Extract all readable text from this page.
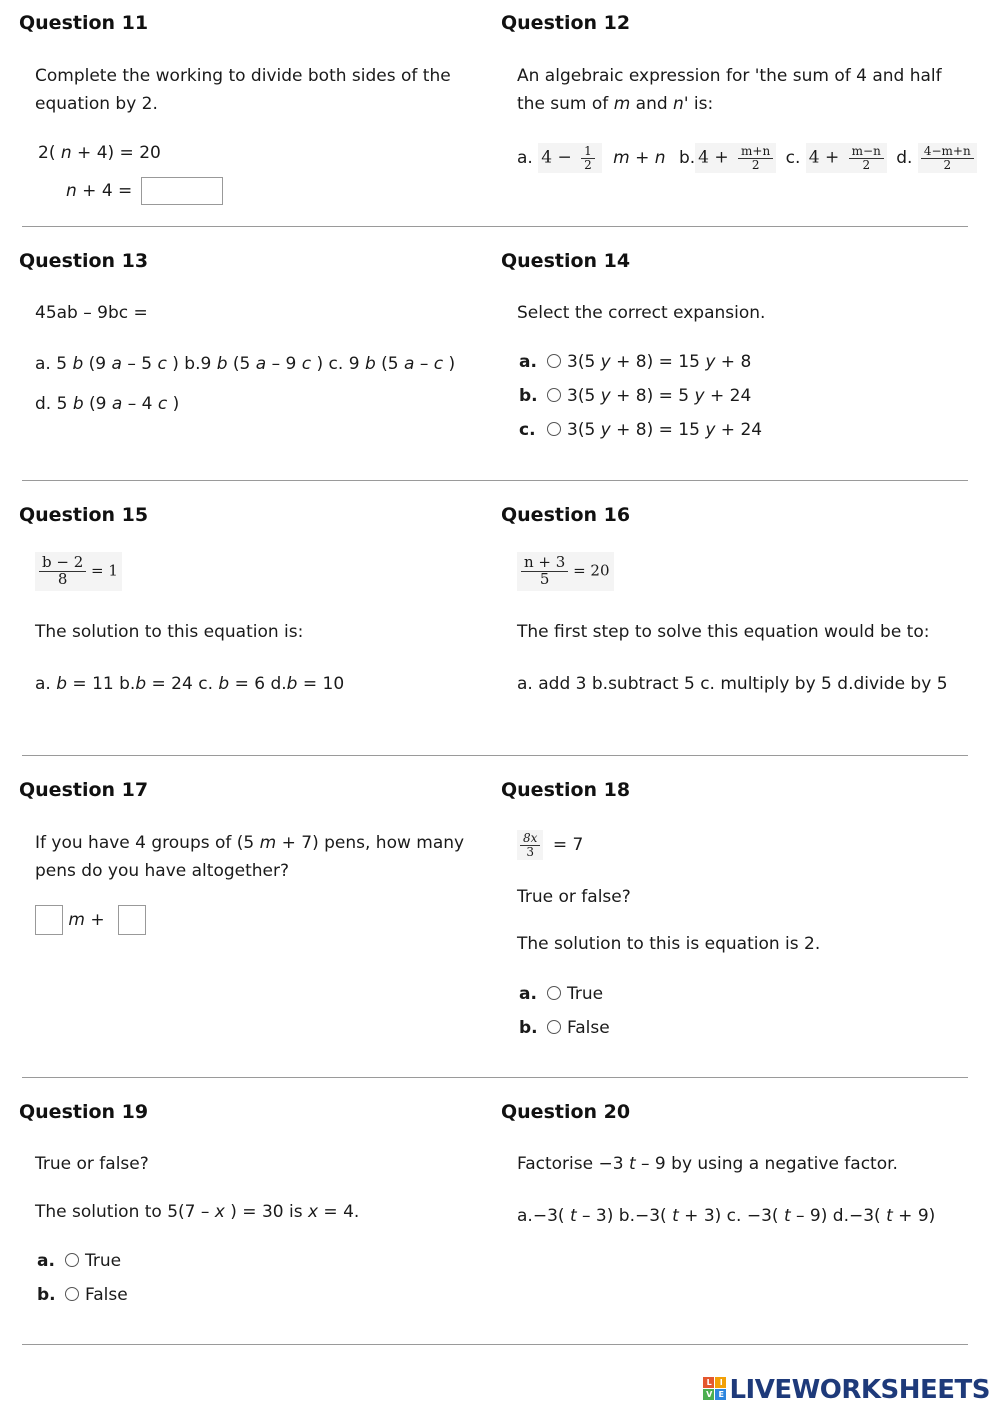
Question 11
Complete the working to divide both sides of the equation by 2.
2( n + 4) = 20
n + 4 =
Question 12
An algebraic expression for 'the sum of 4 and half the sum of m and n' is:
a. $4 - \frac{1}{2}$ m + n b. $4 + \frac{m+n}{2} c$. $4 + \frac{m-n}{2} d$. $\frac{4-m+n}{2}$
Question 13
45ab – 9bc =
a. 5 b (9 a – 5 c ) b.9 b (5 a – 9 c ) c. 9 b (5 a – c )
d. 5 b (9 a – 4 c )
Question 14
Select the correct expansion.
a. 3(5 y + 8) = 15 y + 8
b. 3(5 y + 8) = 5 y + 24
c. 3(5 y + 8) = 15 y + 24
Question 15
$\frac{b - 2}{8} = 1$
The solution to this equation is:
a. b = 11 b.b = 24 c. b = 6 d.b = 10
Question 16
$\frac{n + 3}{5} = 20$
The first step to solve this equation would be to:
a. add 3 b.subtract 5 c. multiply by 5 d.divide by 5
Question 17
If you have 4 groups of (5 m + 7) pens, how many pens do you have altogether?
m +
Question 18
$\frac{8x}{3} = 7$
True or false?
The solution to this is equation is 2.
a. True
b. False
Question 19
True or false?
The solution to 5(7 – x ) = 30 is x = 4.
a. True
b. False
Question 20
Factorise −3 t – 9 by using a negative factor.
a.−3( t – 3) b.−3( t + 3) c. −3( t – 9) d.−3( t + 9)
L	I
V E LIVEWORKSHEETS
